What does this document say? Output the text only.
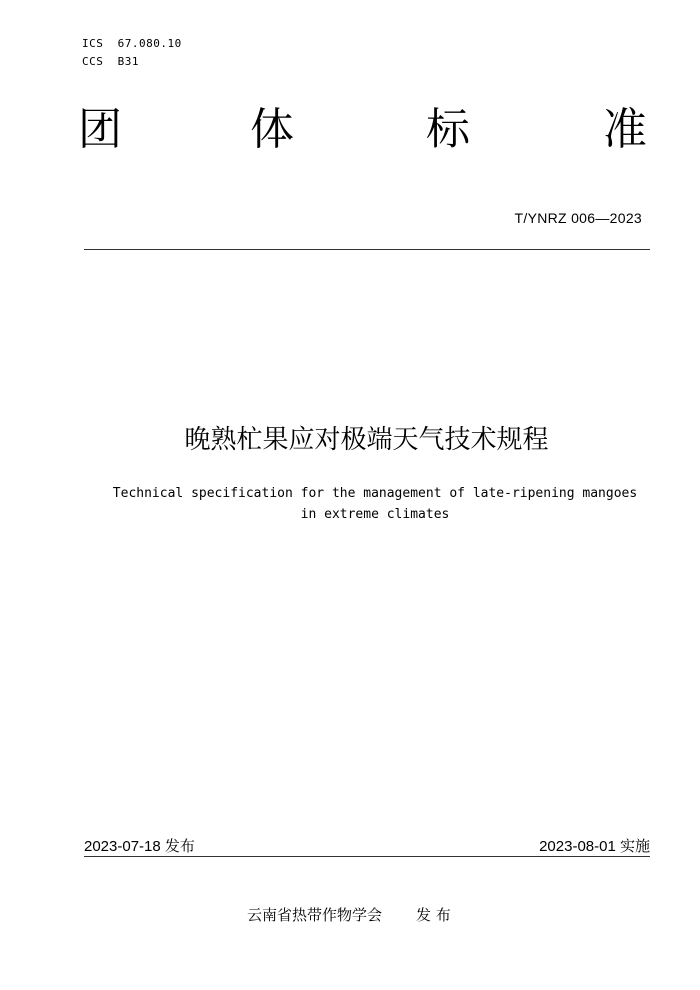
ICS  67.080.10
CCS  B31
团	体	标	准
T/YNRZ 006—2023
晚熟杧果应对极端天气技术规程
Technical specification for the management of late-ripening mangoes
in extreme climates
2023-07-18 发布	2023-08-01 实施
云南省热带作物学会 发 布
